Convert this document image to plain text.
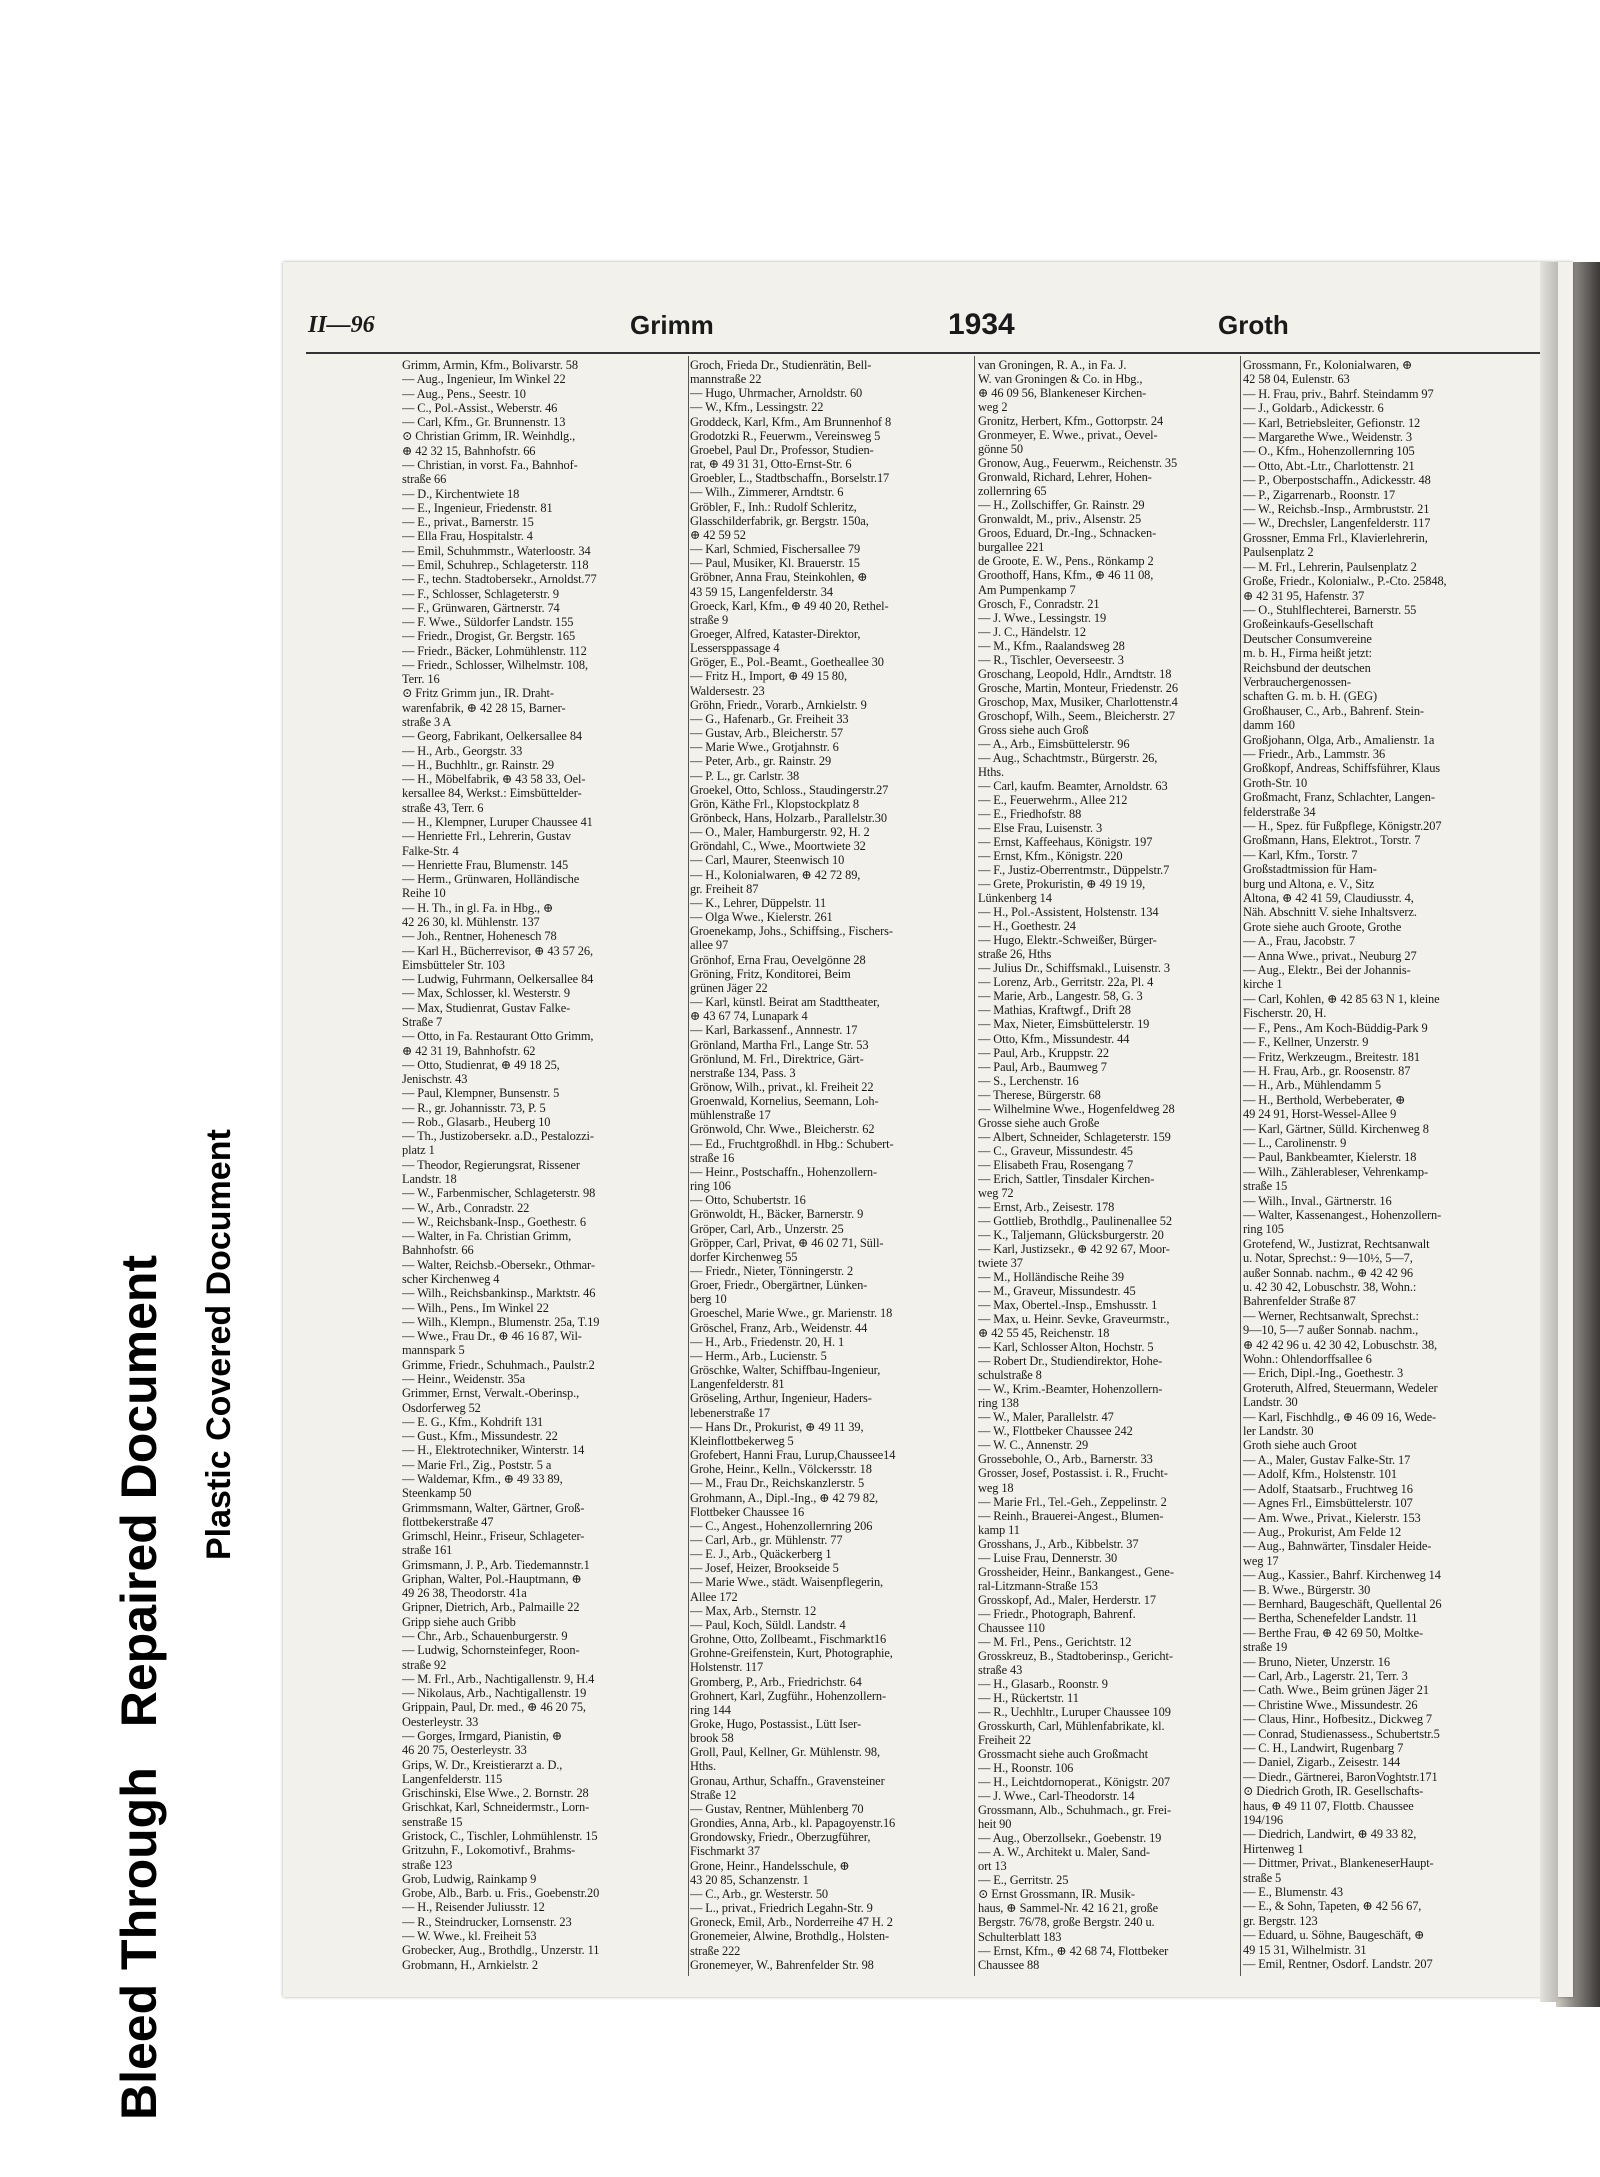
Bleed ThroughRepaired Document Plastic Covered Document
II—96	Grimm	1934	Groth
Grimm, Armin, Kfm., Bolivarstr. 58
— Aug., Ingenieur, Im Winkel 22
— Aug., Pens., Seestr. 10
— C., Pol.-Assist., Weberstr. 46
— Carl, Kfm., Gr. Brunnenstr. 13
⊙ Christian Grimm, IR. Weinhdlg.,
⊕ 42 32 15, Bahnhofstr. 66
— Christian, in vorst. Fa., Bahnhof-
straße 66
— D., Kirchentwiete 18
— E., Ingenieur, Friedenstr. 81
— E., privat., Barnerstr. 15
— Ella Frau, Hospitalstr. 4
— Emil, Schuhmmstr., Waterloostr. 34
— Emil, Schuhrep., Schlageterstr. 118
— F., techn. Stadtobersekr., Arnoldst.77
— F., Schlosser, Schlageterstr. 9
— F., Grünwaren, Gärtnerstr. 74
— F. Wwe., Süldorfer Landstr. 155
— Friedr., Drogist, Gr. Bergstr. 165
— Friedr., Bäcker, Lohmühlenstr. 112
— Friedr., Schlosser, Wilhelmstr. 108,
Terr. 16
⊙ Fritz Grimm jun., IR. Draht-
warenfabrik, ⊕ 42 28 15, Barner-
straße 3 A
— Georg, Fabrikant, Oelkersallee 84
— H., Arb., Georgstr. 33
— H., Buchhltr., gr. Rainstr. 29
— H., Möbelfabrik, ⊕ 43 58 33, Oel-
kersallee 84, Werkst.: Eimsbüttelder-
straße 43, Terr. 6
— H., Klempner, Luruper Chaussee 41
— Henriette Frl., Lehrerin, Gustav
Falke-Str. 4
— Henriette Frau, Blumenstr. 145
— Herm., Grünwaren, Holländische
Reihe 10
— H. Th., in gl. Fa. in Hbg., ⊕
42 26 30, kl. Mühlenstr. 137
— Joh., Rentner, Hohenesch 78
— Karl H., Bücherrevisor, ⊕ 43 57 26,
Eimsbütteler Str. 103
— Ludwig, Fuhrmann, Oelkersallee 84
— Max, Schlosser, kl. Westerstr. 9
— Max, Studienrat, Gustav Falke-
Straße 7
— Otto, in Fa. Restaurant Otto Grimm,
⊕ 42 31 19, Bahnhofstr. 62
— Otto, Studienrat, ⊕ 49 18 25,
Jenischstr. 43
— Paul, Klempner, Bunsenstr. 5
— R., gr. Johannisstr. 73, P. 5
— Rob., Glasarb., Heuberg 10
— Th., Justizobersekr. a.D., Pestalozzi-
platz 1
— Theodor, Regierungsrat, Rissener
Landstr. 18
— W., Farbenmischer, Schlageterstr. 98
— W., Arb., Conradstr. 22
— W., Reichsbank-Insp., Goethestr. 6
— Walter, in Fa. Christian Grimm,
Bahnhofstr. 66
— Walter, Reichsb.-Obersekr., Othmar-
scher Kirchenweg 4
— Wilh., Reichsbankinsp., Marktstr. 46
— Wilh., Pens., Im Winkel 22
— Wilh., Klempn., Blumenstr. 25a, T.19
— Wwe., Frau Dr., ⊕ 46 16 87, Wil-
mannspark 5
Grimme, Friedr., Schuhmach., Paulstr.2
— Heinr., Weidenstr. 35a
Grimmer, Ernst, Verwalt.-Oberinsp.,
Osdorferweg 52
— E. G., Kfm., Kohdrift 131
— Gust., Kfm., Missundestr. 22
— H., Elektrotechniker, Winterstr. 14
— Marie Frl., Zig., Poststr. 5 a
— Waldemar, Kfm., ⊕ 49 33 89,
Steenkamp 50
Grimmsmann, Walter, Gärtner, Groß-
flottbekerstraße 47
Grimschl, Heinr., Friseur, Schlageter-
straße 161
Grimsmann, J. P., Arb. Tiedemannstr.1
Griphan, Walter, Pol.-Hauptmann, ⊕
49 26 38, Theodorstr. 41a
Gripner, Dietrich, Arb., Palmaille 22
Gripp siehe auch Gribb
— Chr., Arb., Schauenburgerstr. 9
— Ludwig, Schornsteinfeger, Roon-
straße 92
— M. Frl., Arb., Nachtigallenstr. 9, H.4
— Nikolaus, Arb., Nachtigallenstr. 19
Grippain, Paul, Dr. med., ⊕ 46 20 75,
Oesterleystr. 33
— Gorges, Irmgard, Pianistin, ⊕
46 20 75, Oesterleystr. 33
Grips, W. Dr., Kreistierarzt a. D.,
Langenfelderstr. 115
Grischinski, Else Wwe., 2. Bornstr. 28
Grischkat, Karl, Schneidermstr., Lorn-
senstraße 15
Gristock, C., Tischler, Lohmühlenstr. 15
Gritzuhn, F., Lokomotivf., Brahms-
straße 123
Grob, Ludwig, Rainkamp 9
Grobe, Alb., Barb. u. Fris., Goebenstr.20
— H., Reisender Juliusstr. 12
— R., Steindrucker, Lornsenstr. 23
— W. Wwe., kl. Freiheit 53
Grobecker, Aug., Brothdlg., Unzerstr. 11
Grobmann, H., Arnkielstr. 2
Groch, Frieda Dr., Studienrätin, Bell-
mannstraße 22
— Hugo, Uhrmacher, Arnoldstr. 60
— W., Kfm., Lessingstr. 22
Groddeck, Karl, Kfm., Am Brunnenhof 8
Grodotzki R., Feuerwm., Vereinsweg 5
Groebel, Paul Dr., Professor, Studien-
rat, ⊕ 49 31 31, Otto-Ernst-Str. 6
Groebler, L., Stadtbschaffn., Borselstr.17
— Wilh., Zimmerer, Arndtstr. 6
Gröbler, F., Inh.: Rudolf Schleritz,
Glasschilderfabrik, gr. Bergstr. 150a,
⊕ 42 59 52
— Karl, Schmied, Fischersallee 79
— Paul, Musiker, Kl. Brauerstr. 15
Gröbner, Anna Frau, Steinkohlen, ⊕
43 59 15, Langenfelderstr. 34
Groeck, Karl, Kfm., ⊕ 49 40 20, Rethel-
straße 9
Groeger, Alfred, Kataster-Direktor,
Lessersppassage 4
Gröger, E., Pol.-Beamt., Goetheallee 30
— Fritz H., Import, ⊕ 49 15 80,
Waldersestr. 23
Gröhn, Friedr., Vorarb., Arnkielstr. 9
— G., Hafenarb., Gr. Freiheit 33
— Gustav, Arb., Bleicherstr. 57
— Marie Wwe., Grotjahnstr. 6
— Peter, Arb., gr. Rainstr. 29
— P. L., gr. Carlstr. 38
Groekel, Otto, Schloss., Staudingerstr.27
Grön, Käthe Frl., Klopstockplatz 8
Grönbeck, Hans, Holzarb., Parallelstr.30
— O., Maler, Hamburgerstr. 92, H. 2
Gröndahl, C., Wwe., Moortwiete 32
— Carl, Maurer, Steenwisch 10
— H., Kolonialwaren, ⊕ 42 72 89,
gr. Freiheit 87
— K., Lehrer, Düppelstr. 11
— Olga Wwe., Kielerstr. 261
Groenekamp, Johs., Schiffsing., Fischers-
allee 97
Grönhof, Erna Frau, Oevelgönne 28
Gröning, Fritz, Konditorei, Beim
grünen Jäger 22
— Karl, künstl. Beirat am Stadttheater,
⊕ 43 67 74, Lunapark 4
— Karl, Barkassenf., Annnestr. 17
Grönland, Martha Frl., Lange Str. 53
Grönlund, M. Frl., Direktrice, Gärt-
nerstraße 134, Pass. 3
Grönow, Wilh., privat., kl. Freiheit 22
Groenwald, Kornelius, Seemann, Loh-
mühlenstraße 17
Grönwold, Chr. Wwe., Bleicherstr. 62
— Ed., Fruchtgroßhdl. in Hbg.: Schubert-
straße 16
— Heinr., Postschaffn., Hohenzollern-
ring 106
— Otto, Schubertstr. 16
Grönwoldt, H., Bäcker, Barnerstr. 9
Gröper, Carl, Arb., Unzerstr. 25
Gröpper, Carl, Privat, ⊕ 46 02 71, Süll-
dorfer Kirchenweg 55
— Friedr., Nieter, Tönningerstr. 2
Groer, Friedr., Obergärtner, Lünken-
berg 10
Groeschel, Marie Wwe., gr. Marienstr. 18
Gröschel, Franz, Arb., Weidenstr. 44
— H., Arb., Friedenstr. 20, H. 1
— Herm., Arb., Lucienstr. 5
Gröschke, Walter, Schiffbau-Ingenieur,
Langenfelderstr. 81
Gröseling, Arthur, Ingenieur, Haders-
lebenerstraße 17
— Hans Dr., Prokurist, ⊕ 49 11 39,
Kleinflottbekerweg 5
Grofebert, Hanni Frau, Lurup,Chaussee14
Grohe, Heinr., Kelln., Völckersstr. 18
— M., Frau Dr., Reichskanzlerstr. 5
Grohmann, A., Dipl.-Ing., ⊕ 42 79 82,
Flottbeker Chaussee 16
— C., Angest., Hohenzollernring 206
— Carl, Arb., gr. Mühlenstr. 77
— E. J., Arb., Quäckerberg 1
— Josef, Heizer, Brookseide 5
— Marie Wwe., städt. Waisenpflegerin,
Allee 172
— Max, Arb., Sternstr. 12
— Paul, Koch, Süldl. Landstr. 4
Grohne, Otto, Zollbeamt., Fischmarkt16
Grohne-Greifenstein, Kurt, Photographie,
Holstenstr. 117
Gromberg, P., Arb., Friedrichstr. 64
Grohnert, Karl, Zugführ., Hohenzollern-
ring 144
Groke, Hugo, Postassist., Lütt Iser-
brook 58
Groll, Paul, Kellner, Gr. Mühlenstr. 98,
Hths.
Gronau, Arthur, Schaffn., Gravensteiner
Straße 12
— Gustav, Rentner, Mühlenberg 70
Grondies, Anna, Arb., kl. Papagoyenstr.16
Grondowsky, Friedr., Oberzugführer,
Fischmarkt 37
Grone, Heinr., Handelsschule, ⊕
43 20 85, Schanzenstr. 1
— C., Arb., gr. Westerstr. 50
— L., privat., Friedrich Legahn-Str. 9
Groneck, Emil, Arb., Norderreihe 47 H. 2
Gronemeier, Alwine, Brothdlg., Holsten-
straße 222
Gronemeyer, W., Bahrenfelder Str. 98
van Groningen, R. A., in Fa. J.
W. van Groningen & Co. in Hbg.,
⊕ 46 09 56, Blankeneser Kirchen-
weg 2
Gronitz, Herbert, Kfm., Gottorpstr. 24
Gronmeyer, E. Wwe., privat., Oevel-
gönne 50
Gronow, Aug., Feuerwm., Reichenstr. 35
Gronwald, Richard, Lehrer, Hohen-
zollernring 65
— H., Zollschiffer, Gr. Rainstr. 29
Gronwaldt, M., priv., Alsenstr. 25
Groos, Eduard, Dr.-Ing., Schnacken-
burgallee 221
de Groote, E. W., Pens., Rönkamp 2
Groothoff, Hans, Kfm., ⊕ 46 11 08,
Am Pumpenkamp 7
Grosch, F., Conradstr. 21
— J. Wwe., Lessingstr. 19
— J. C., Händelstr. 12
— M., Kfm., Raalandsweg 28
— R., Tischler, Oeverseestr. 3
Groschang, Leopold, Hdlr., Arndtstr. 18
Grosche, Martin, Monteur, Friedenstr. 26
Groschop, Max, Musiker, Charlottenstr.4
Groschopf, Wilh., Seem., Bleicherstr. 27
Gross siehe auch Groß
— A., Arb., Eimsbüttelerstr. 96
— Aug., Schachtmstr., Bürgerstr. 26,
Hths.
— Carl, kaufm. Beamter, Arnoldstr. 63
— E., Feuerwehrm., Allee 212
— E., Friedhofstr. 88
— Else Frau, Luisenstr. 3
— Ernst, Kaffeehaus, Königstr. 197
— Ernst, Kfm., Königstr. 220
— F., Justiz-Oberrentmstr., Düppelstr.7
— Grete, Prokuristin, ⊕ 49 19 19,
Lünkenberg 14
— H., Pol.-Assistent, Holstenstr. 134
— H., Goethestr. 24
— Hugo, Elektr.-Schweißer, Bürger-
straße 26, Hths
— Julius Dr., Schiffsmakl., Luisenstr. 3
— Lorenz, Arb., Gerritstr. 22a, Pl. 4
— Marie, Arb., Langestr. 58, G. 3
— Mathias, Kraftwgf., Drift 28
— Max, Nieter, Eimsbüttelerstr. 19
— Otto, Kfm., Missundestr. 44
— Paul, Arb., Kruppstr. 22
— Paul, Arb., Baumweg 7
— S., Lerchenstr. 16
— Therese, Bürgerstr. 68
— Wilhelmine Wwe., Hogenfeldweg 28
Grosse siehe auch Große
— Albert, Schneider, Schlageterstr. 159
— C., Graveur, Missundestr. 45
— Elisabeth Frau, Rosengang 7
— Erich, Sattler, Tinsdaler Kirchen-
weg 72
— Ernst, Arb., Zeisestr. 178
— Gottlieb, Brothdlg., Paulinenallee 52
— K., Taljemann, Glücksburgerstr. 20
— Karl, Justizsekr., ⊕ 42 92 67, Moor-
twiete 37
— M., Holländische Reihe 39
— M., Graveur, Missundestr. 45
— Max, Obertel.-Insp., Emshusstr. 1
— Max, u. Heinr. Sevke, Graveurmstr.,
⊕ 42 55 45, Reichenstr. 18
— Karl, Schlosser Alton, Hochstr. 5
— Robert Dr., Studiendirektor, Hohe-
schulstraße 8
— W., Krim.-Beamter, Hohenzollern-
ring 138
— W., Maler, Parallelstr. 47
— W., Flottbeker Chaussee 242
— W. C., Annenstr. 29
Grossebohle, O., Arb., Barnerstr. 33
Grosser, Josef, Postassist. i. R., Frucht-
weg 18
— Marie Frl., Tel.-Geh., Zeppelinstr. 2
— Reinh., Brauerei-Angest., Blumen-
kamp 11
Grosshans, J., Arb., Kibbelstr. 37
— Luise Frau, Dennerstr. 30
Grossheider, Heinr., Bankangest., Gene-
ral-Litzmann-Straße 153
Grosskopf, Ad., Maler, Herderstr. 17
— Friedr., Photograph, Bahrenf.
Chaussee 110
— M. Frl., Pens., Gerichtstr. 12
Grosskreuz, B., Stadtoberinsp., Gericht-
straße 43
— H., Glasarb., Roonstr. 9
— H., Rückertstr. 11
— R., Uechhltr., Luruper Chaussee 109
Grosskurth, Carl, Mühlenfabrikate, kl.
Freiheit 22
Grossmacht siehe auch Großmacht
— H., Roonstr. 106
— H., Leichtdornoperat., Königstr. 207
— J. Wwe., Carl-Theodorstr. 14
Grossmann, Alb., Schuhmach., gr. Frei-
heit 90
— Aug., Oberzollsekr., Goebenstr. 19
— A. W., Architekt u. Maler, Sand-
ort 13
— E., Gerritstr. 25
⊙ Ernst Grossmann, IR. Musik-
haus, ⊕ Sammel-Nr. 42 16 21, große
Bergstr. 76/78, große Bergstr. 240 u.
Schulterblatt 183
— Ernst, Kfm., ⊕ 42 68 74, Flottbeker
Chaussee 88
Grossmann, Fr., Kolonialwaren, ⊕
42 58 04, Eulenstr. 63
— H. Frau, priv., Bahrf. Steindamm 97
— J., Goldarb., Adickesstr. 6
— Karl, Betriebsleiter, Gefionstr. 12
— Margarethe Wwe., Weidenstr. 3
— O., Kfm., Hohenzollernring 105
— Otto, Abt.-Ltr., Charlottenstr. 21
— P., Oberpostschaffn., Adickesstr. 48
— P., Zigarrenarb., Roonstr. 17
— W., Reichsb.-Insp., Armbruststr. 21
— W., Drechsler, Langenfelderstr. 117
Grossner, Emma Frl., Klavierlehrerin,
Paulsenplatz 2
— M. Frl., Lehrerin, Paulsenplatz 2
Große, Friedr., Kolonialw., P.-Cto. 25848,
⊕ 42 31 95, Hafenstr. 37
— O., Stuhlflechterei, Barnerstr. 55
Großeinkaufs-Gesellschaft
Deutscher Consumvereine
m. b. H., Firma heißt jetzt:
Reichsbund der deutschen
Verbrauchergenossen-
schaften G. m. b. H. (GEG)
Großhauser, C., Arb., Bahrenf. Stein-
damm 160
Großjohann, Olga, Arb., Amalienstr. 1a
— Friedr., Arb., Lammstr. 36
Großkopf, Andreas, Schiffsführer, Klaus
Groth-Str. 10
Großmacht, Franz, Schlachter, Langen-
felderstraße 34
— H., Spez. für Fußpflege, Königstr.207
Großmann, Hans, Elektrot., Torstr. 7
— Karl, Kfm., Torstr. 7
Großstadtmission für Ham-
burg und Altona, e. V., Sitz
Altona, ⊕ 42 41 59, Claudiusstr. 4,
Näh. Abschnitt V. siehe Inhaltsverz.
Grote siehe auch Groote, Grothe
— A., Frau, Jacobstr. 7
— Anna Wwe., privat., Neuburg 27
— Aug., Elektr., Bei der Johannis-
kirche 1
— Carl, Kohlen, ⊕ 42 85 63 N 1, kleine
Fischerstr. 20, H.
— F., Pens., Am Koch-Büddig-Park 9
— F., Kellner, Unzerstr. 9
— Fritz, Werkzeugm., Breitestr. 181
— H. Frau, Arb., gr. Roosenstr. 87
— H., Arb., Mühlendamm 5
— H., Berthold, Werbeberater, ⊕
49 24 91, Horst-Wessel-Allee 9
— Karl, Gärtner, Sülld. Kirchenweg 8
— L., Carolinenstr. 9
— Paul, Bankbeamter, Kielerstr. 18
— Wilh., Zählerableser, Vehrenkamp-
straße 15
— Wilh., Inval., Gärtnerstr. 16
— Walter, Kassenangest., Hohenzollern-
ring 105
Grotefend, W., Justizrat, Rechtsanwalt
u. Notar, Sprechst.: 9—10½, 5—7,
außer Sonnab. nachm., ⊕ 42 42 96
u. 42 30 42, Lobuschstr. 38, Wohn.:
Bahrenfelder Straße 87
— Werner, Rechtsanwalt, Sprechst.:
9—10, 5—7 außer Sonnab. nachm.,
⊕ 42 42 96 u. 42 30 42, Lobuschstr. 38,
Wohn.: Ohlendorffsallee 6
— Erich, Dipl.-Ing., Goethestr. 3
Groteruth, Alfred, Steuermann, Wedeler
Landstr. 30
— Karl, Fischhdlg., ⊕ 46 09 16, Wede-
ler Landstr. 30
Groth siehe auch Groot
— A., Maler, Gustav Falke-Str. 17
— Adolf, Kfm., Holstenstr. 101
— Adolf, Staatsarb., Fruchtweg 16
— Agnes Frl., Eimsbüttelerstr. 107
— Am. Wwe., Privat., Kielerstr. 153
— Aug., Prokurist, Am Felde 12
— Aug., Bahnwärter, Tinsdaler Heide-
weg 17
— Aug., Kassier., Bahrf. Kirchenweg 14
— B. Wwe., Bürgerstr. 30
— Bernhard, Baugeschäft, Quellental 26
— Bertha, Schenefelder Landstr. 11
— Berthe Frau, ⊕ 42 69 50, Moltke-
straße 19
— Bruno, Nieter, Unzerstr. 16
— Carl, Arb., Lagerstr. 21, Terr. 3
— Cath. Wwe., Beim grünen Jäger 21
— Christine Wwe., Missundestr. 26
— Claus, Hinr., Hofbesitz., Dickweg 7
— Conrad, Studienassess., Schubertstr.5
— C. H., Landwirt, Rugenbarg 7
— Daniel, Zigarb., Zeisestr. 144
— Diedr., Gärtnerei, BaronVoghtstr.171
⊙ Diedrich Groth, IR. Gesellschafts-
haus, ⊕ 49 11 07, Flottb. Chaussee
194/196
— Diedrich, Landwirt, ⊕ 49 33 82,
Hirtenweg 1
— Dittmer, Privat., BlankeneserHaupt-
straße 5
— E., Blumenstr. 43
— E., & Sohn, Tapeten, ⊕ 42 56 67,
gr. Bergstr. 123
— Eduard, u. Söhne, Baugeschäft, ⊕
49 15 31, Wilhelmistr. 31
— Emil, Rentner, Osdorf. Landstr. 207
